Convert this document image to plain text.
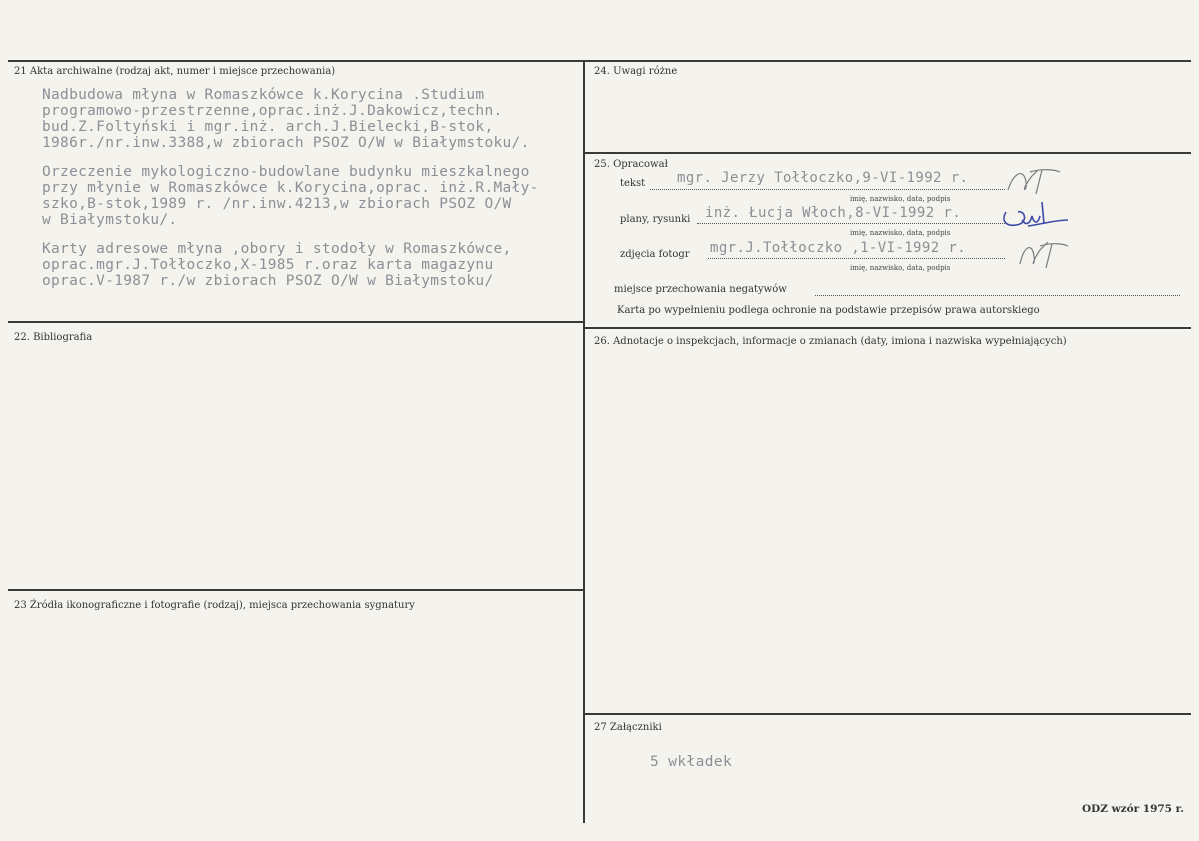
21 Akta archiwalne (rodzaj akt, numer i miejsce przechowania)
Nadbudowa młyna w Romaszkówce k.Korycina .Studium
programowo-przestrzenne,oprac.inż.J.Dakowicz,techn.
bud.Z.Foltyński i mgr.inż. arch.J.Bielecki,B-stok,
1986r./nr.inw.3388,w zbiorach PSOZ O/W w Białymstoku/.
Orzeczenie mykologiczno-budowlane budynku mieszkalnego
przy młynie w Romaszkówce k.Korycina,oprac. inż.R.Mały-
szko,B-stok,1989 r. /nr.inw.4213,w zbiorach PSOZ O/W
w Białymstoku/.
Karty adresowe młyna ,obory i stodoły w Romaszkówce,
oprac.mgr.J.Tołłoczko,X-1985 r.oraz karta magazynu
oprac.V-1987 r./w zbiorach PSOZ O/W w Białymstoku/
22. Bibliografia
23 Źródła ikonograficzne i fotografie (rodzaj), miejsca przechowania sygnatury
24. Uwagi różne
25. Opracował
tekst mgr. Jerzy Tołłoczko,9-VI-1992 r.
imię, nazwisko, data, podpis
plany, rysunki inż. Łucja Włoch,8-VI-1992 r.
imię, nazwisko, data, podpis
zdjęcia fotogr mgr.J.Tołłoczko ,1-VI-1992 r.
imię, nazwisko, data, podpis
miejsce przechowania negatywów
Karta po wypełnieniu podlega ochronie na podstawie przepisów prawa autorskiego
26. Adnotacje o inspekcjach, informacje o zmianach (daty, imiona i nazwiska wypełniających)
27 Załączniki
5 wkładek
ODZ wzór 1975 r.
